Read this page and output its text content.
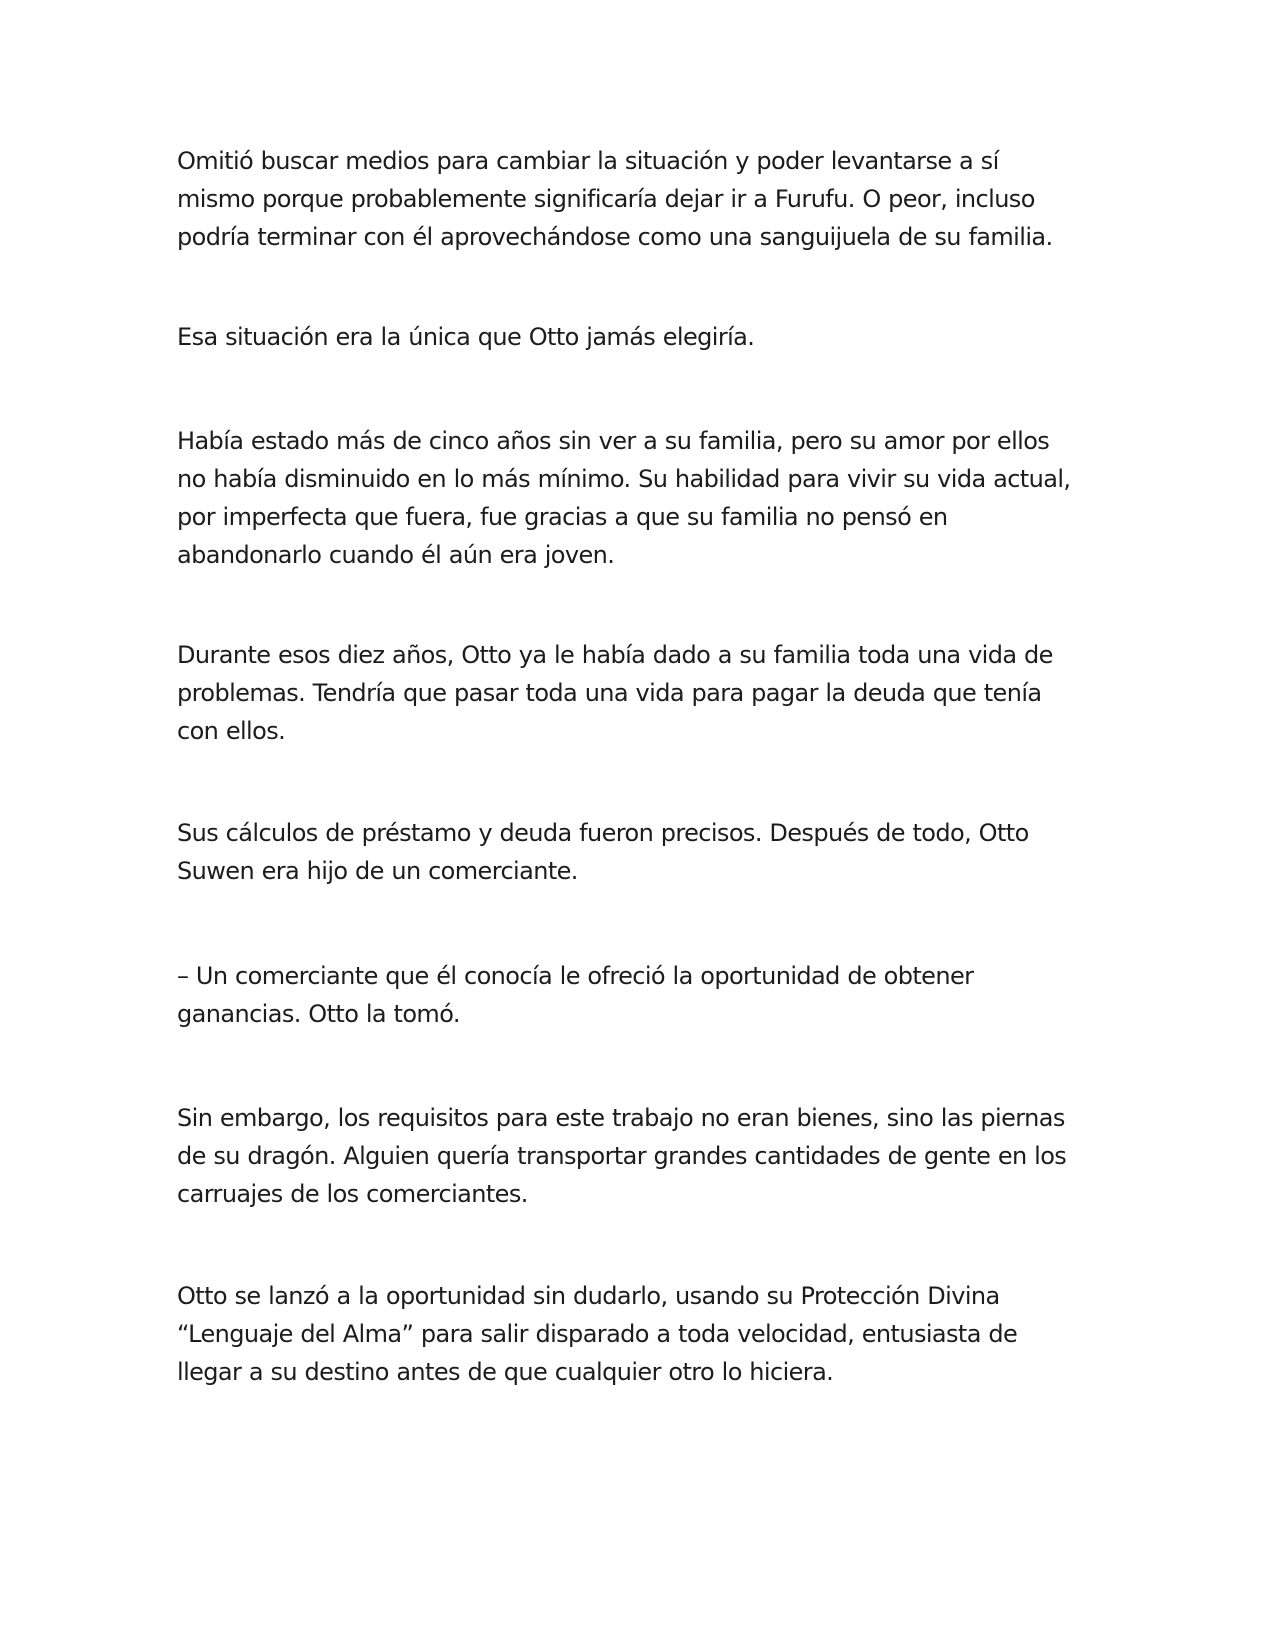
Omitió buscar medios para cambiar la situación y poder levantarse a sí
mismo porque probablemente significaría dejar ir a Furufu. O peor, incluso
podría terminar con él aprovechándose como una sanguijuela de su familia.

Esa situación era la única que Otto jamás elegiría.

Había estado más de cinco años sin ver a su familia, pero su amor por ellos
no había disminuido en lo más mínimo. Su habilidad para vivir su vida actual,
por imperfecta que fuera, fue gracias a que su familia no pensó en
abandonarlo cuando él aún era joven.

Durante esos diez años, Otto ya le había dado a su familia toda una vida de
problemas. Tendría que pasar toda una vida para pagar la deuda que tenía
con ellos.

Sus cálculos de préstamo y deuda fueron precisos. Después de todo, Otto
Suwen era hijo de un comerciante.

– Un comerciante que él conocía le ofreció la oportunidad de obtener
ganancias. Otto la tomó.

Sin embargo, los requisitos para este trabajo no eran bienes, sino las piernas
de su dragón. Alguien quería transportar grandes cantidades de gente en los
carruajes de los comerciantes.

Otto se lanzó a la oportunidad sin dudarlo, usando su Protección Divina
“Lenguaje del Alma” para salir disparado a toda velocidad, entusiasta de
llegar a su destino antes de que cualquier otro lo hiciera.
